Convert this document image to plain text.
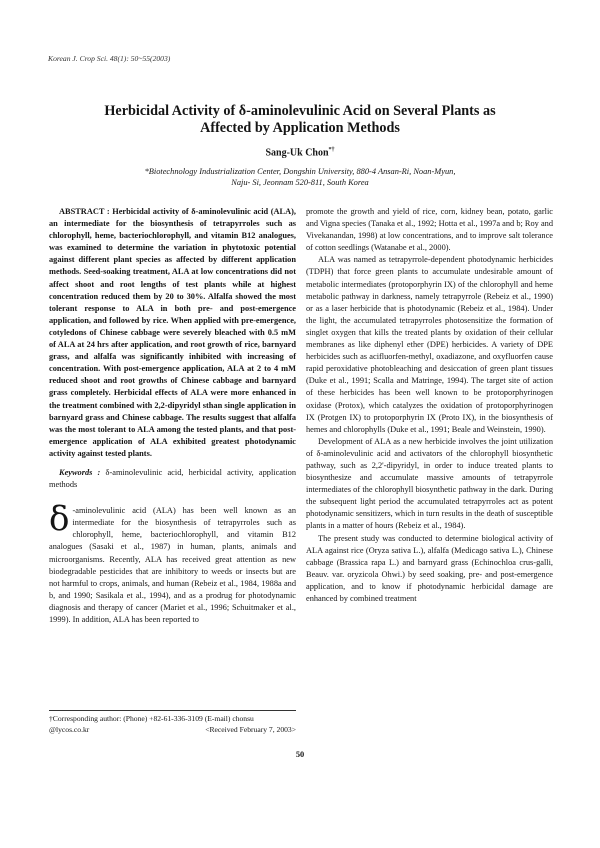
Korean J. Crop Sci. 48(1): 50~55(2003)
Herbicidal Activity of δ-aminolevulinic Acid on Several Plants as
Affected by Application Methods
Sang-Uk Chon*†
*Biotechnology Industrialization Center, Dongshin University, 880-4 Ansan-Ri, Noan-Myun,
Naju- Si, Jeonnam 520-811, South Korea

ABSTRACT : Herbicidal activity of δ-aminolevulinic acid (ALA), an intermediate for the biosynthesis of tetrapyrroles such as chlorophyll, heme, bacteriochlorophyll, and vitamin B12 analogues, was examined to determine the variation in phytotoxic potential against different plant species as affected by different application methods. Seed-soaking treatment, ALA at low concentrations did not affect shoot and root lengths of test plants while at highest concentration reduced them by 20 to 30%. Alfalfa showed the most tolerant response to ALA in both pre- and post-emergence application, and followed by rice. When applied with pre-emergence, cotyledons of Chinese cabbage were severely bleached with 0.5 mM of ALA at 24 hrs after application, and root growth of rice, barnyard grass, and alfalfa was significantly inhibited with increasing of concentration. With post-emergence application, ALA at 2 to 4 mM reduced shoot and root growths of Chinese cabbage and barnyard grass completely. Herbicidal effects of ALA were more enhanced in the treatment combined with 2,2-dipyridyl sthan single application in barnyard grass and Chinese cabbage. The results suggest that alfalfa was the most tolerant to ALA among the tested plants, and that post-emergence application of ALA exhibited greatest photodynamic activity against tested plants.

Keywords : δ-aminolevulinic acid, herbicidal activity, application methods

δ -aminolevulinic acid (ALA) has been well known as an intermediate for the biosynthesis of tetrapyrroles such as chlorophyll, heme, bacteriochlorophyll, and vitamin B12 analogues (Sasaki et al., 1987) in human, plants, animals and microorganisms. Recently, ALA has received great attention as new biodegradable pesticides that are inhibitory to weeds or insects but are not harmful to crops, animals, and human (Rebeiz et al., 1984, 1988a and b, and 1990; Sasikala et al., 1994), and as a prodrug for photodynamic diagnosis and therapy of cancer (Mariet et al., 1996; Schuitmaker et al., 1999). In addition, ALA has been reported to

promote the growth and yield of rice, corn, kidney bean, potato, garlic and Vigna species (Tanaka et al., 1992; Hotta et al., 1997a and b; Roy and Vivekanandan, 1998) at low concentrations, and to improve salt tolerance of cotton seedlings (Watanabe et al., 2000).

ALA was named as tetrapyrrole-dependent photodynamic herbicides (TDPH) that force green plants to accumulate undesirable amount of metabolic intermediates (protoporphyrin IX) of the chlorophyll and heme metabolic pathway in darkness, namely tetrapyrrole (Rebeiz et al., 1990) or as a laser herbicide that is photodynamic (Rebeiz et al., 1984). Under the light, the accumulated tetrapyrroles photosensitize the formation of singlet oxygen that kills the treated plants by oxidation of their cellular membranes as like diphenyl ether (DPE) herbicides. A variety of DPE herbicides such as acifluorfen-methyl, oxadiazone, and oxyfluorfen cause rapid peroxidative photobleaching and desiccation of green plant tissues (Duke et al., 1991; Scalla and Matringe, 1994). The target site of action of these herbicides has been well known to be protoporphyrinogen oxidase (Protox), which catalyzes the oxidation of protoporphyrinogen IX (Protgen IX) to protoporphyrin IX (Proto IX), in the biosynthesis of hemes and chlorophylls (Duke et al., 1991; Beale and Weinstein, 1990).

Development of ALA as a new herbicide involves the joint utilization of δ-aminolevulinic acid and activators of the chlorophyll biosynthetic pathway, such as 2,2'-dipyridyl, in order to induce treated plants to biosynthesize and accumulate massive amounts of tetrapyrrole intermediates of the chlorophyll biosynthetic pathway in the dark. During the subsequent light period the accumulated tetrapyrroles act as potent photodynamic sensitizers, which in turn results in the death of susceptible plants in a matter of hours (Rebeiz et al., 1984).

The present study was conducted to determine biological activity of ALA against rice (Oryza sativa L.), alfalfa (Medicago sativa L.), Chinese cabbage (Brassica rapa L.) and barnyard grass (Echinochloa crus-galli, Beauv. var. oryzicola Ohwi.) by seed soaking, pre- and post-emergence application, and to know if photodynamic herbicidal damage are enhanced by combined treatment

†Corresponding author: (Phone) +82-61-336-3109 (E-mail) chonsu
@lycos.co.kr	<Received February 7, 2003>
50
